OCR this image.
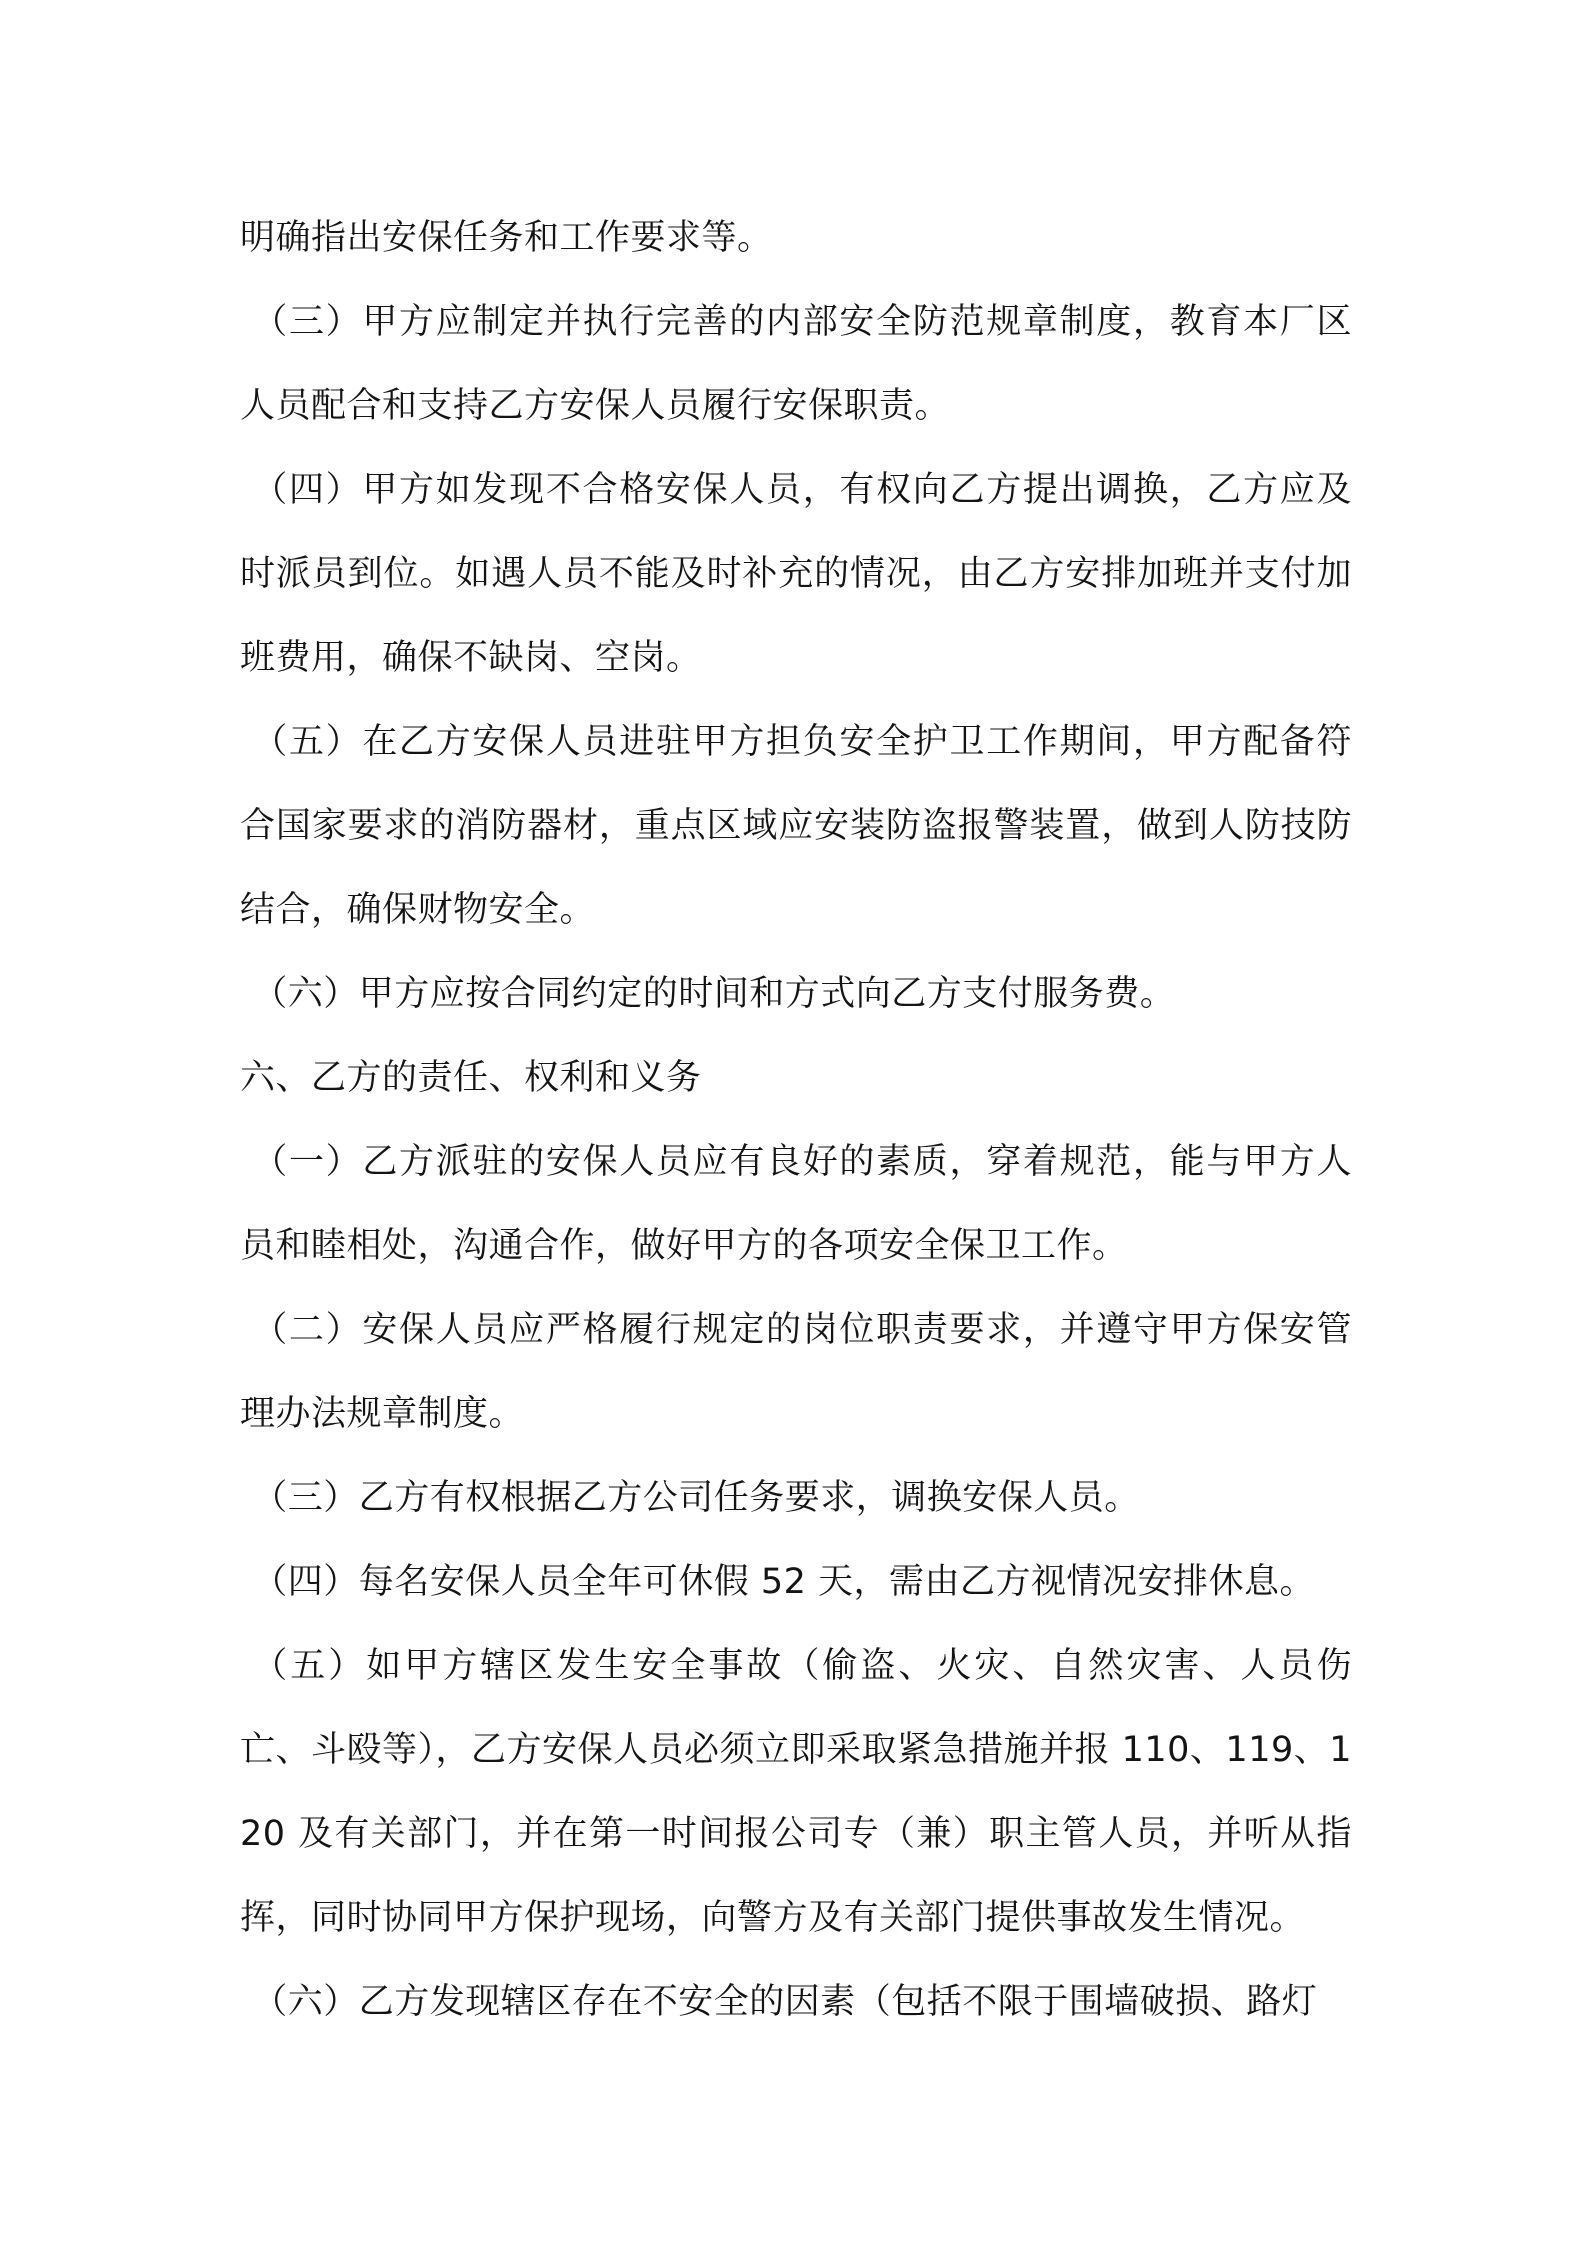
明确指出安保任务和工作要求等。

（三）甲方应制定并执行完善的内部安全防范规章制度，教育本厂区人员配合和支持乙方安保人员履行安保职责。

（四）甲方如发现不合格安保人员，有权向乙方提出调换，乙方应及时派员到位。如遇人员不能及时补充的情况，由乙方安排加班并支付加班费用，确保不缺岗、空岗。

（五）在乙方安保人员进驻甲方担负安全护卫工作期间，甲方配备符合国家要求的消防器材，重点区域应安装防盗报警装置，做到人防技防结合，确保财物安全。

（六）甲方应按合同约定的时间和方式向乙方支付服务费。

六、乙方的责任、权利和义务

（一）乙方派驻的安保人员应有良好的素质，穿着规范，能与甲方人员和睦相处，沟通合作，做好甲方的各项安全保卫工作。

（二）安保人员应严格履行规定的岗位职责要求，并遵守甲方保安管理办法规章制度。

（三）乙方有权根据乙方公司任务要求，调换安保人员。

（四）每名安保人员全年可休假 52 天，需由乙方视情况安排休息。

（五）如甲方辖区发生安全事故（偷盗、火灾、自然灾害、人员伤亡、斗殴等），乙方安保人员必须立即采取紧急措施并报 110、119、120 及有关部门，并在第一时间报公司专（兼）职主管人员，并听从指挥，同时协同甲方保护现场，向警方及有关部门提供事故发生情况。

（六）乙方发现辖区存在不安全的因素（包括不限于围墙破损、路灯
